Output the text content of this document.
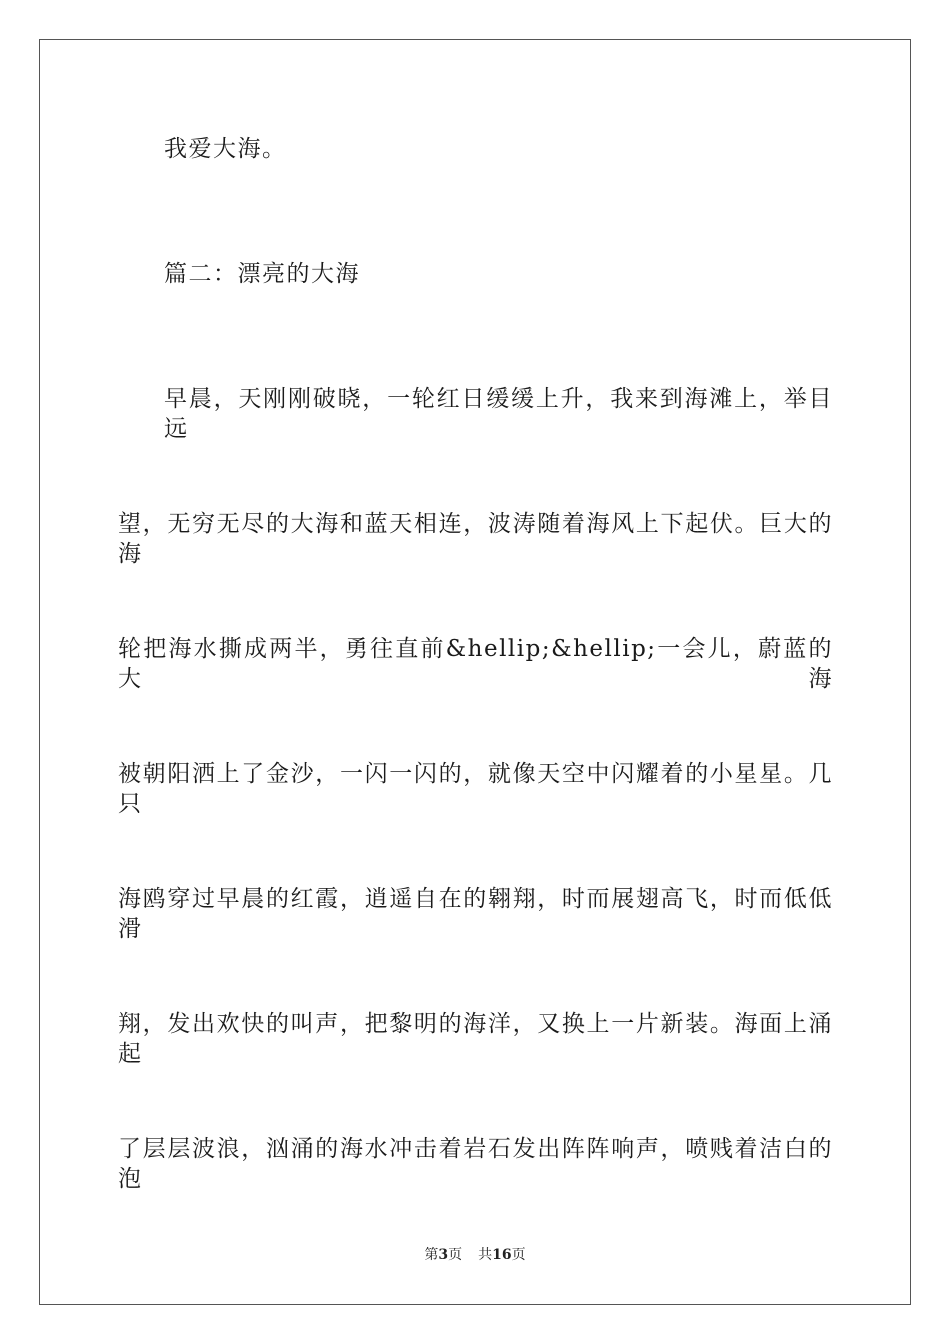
我爱大海。
篇二：漂亮的大海
早晨，天刚刚破晓，一轮红日缓缓上升，我来到海滩上，举目远
望，无穷无尽的大海和蓝天相连，波涛随着海风上下起伏。巨大的海
轮把海水撕成两半，勇往直前&hellip;&hellip;一会儿，蔚蓝的大海
被朝阳洒上了金沙，一闪一闪的，就像天空中闪耀着的小星星。几只
海鸥穿过早晨的红霞，逍遥自在的翱翔，时而展翅高飞，时而低低滑
翔，发出欢快的叫声，把黎明的海洋，又换上一片新装。海面上涌起
了层层波浪，汹涌的海水冲击着岩石发出阵阵响声，喷贱着洁白的泡
第3页 共16页
